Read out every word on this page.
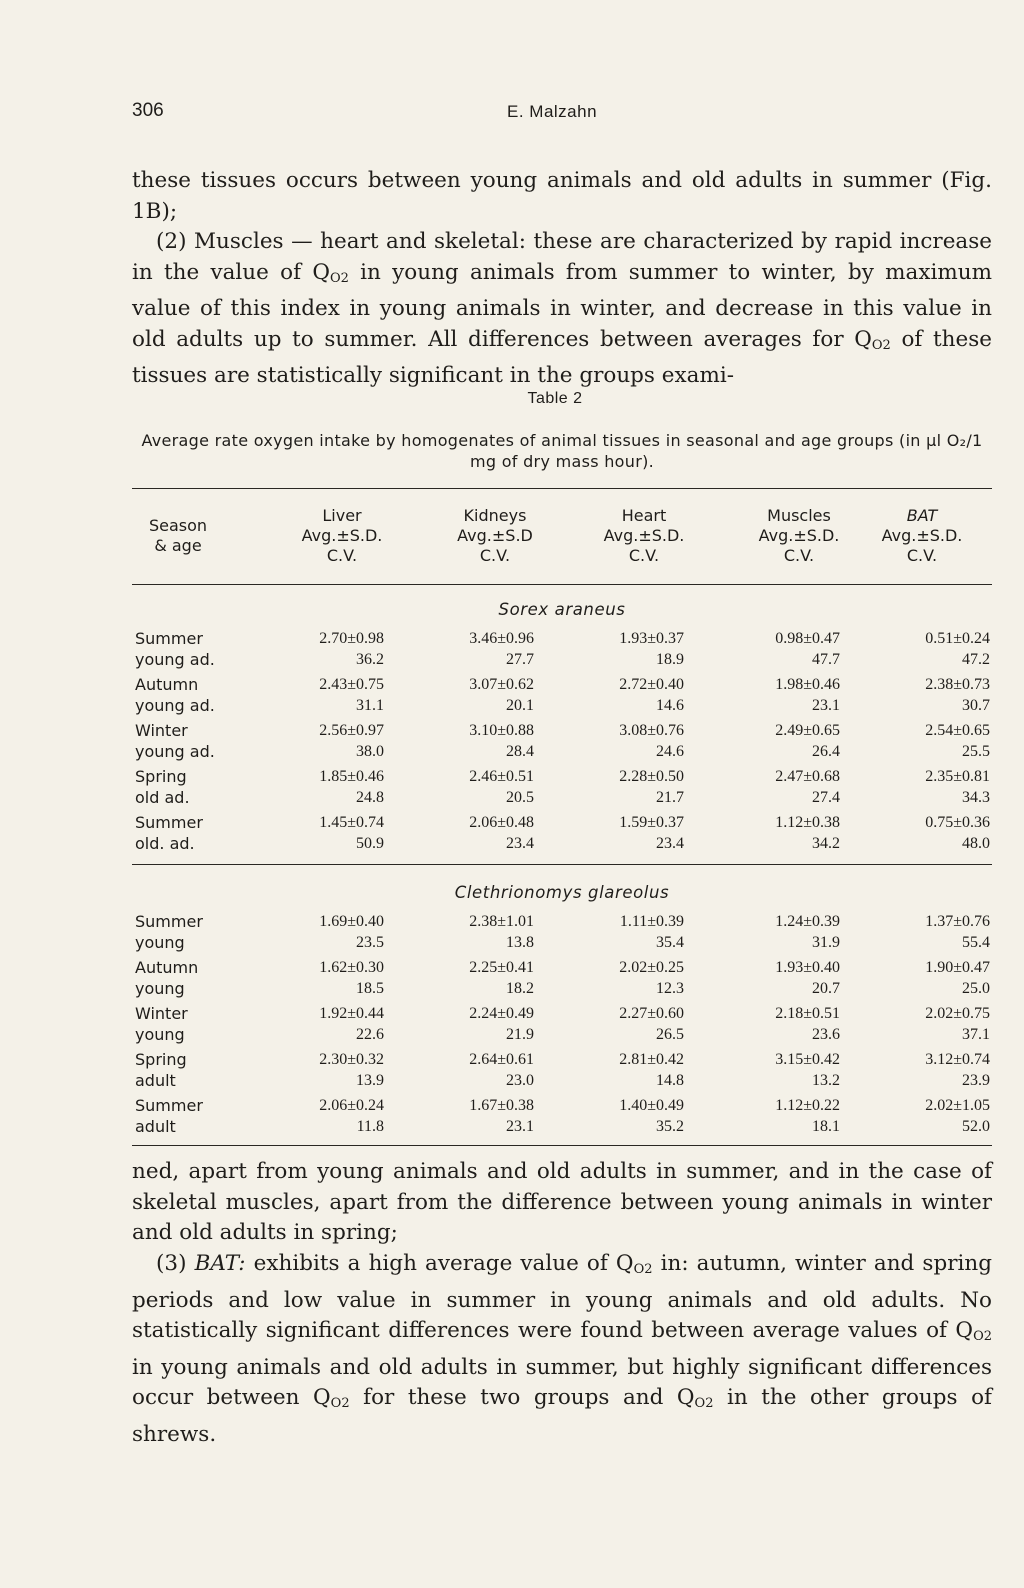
306	E. Malzahn

these tissues occurs between young animals and old adults in summer (Fig. 1B);

(2) Muscles — heart and skeletal: these are characterized by rapid increase in the value of $Q_{O2}$ in young animals from summer to winter, by maximum value of this index in young animals in winter, and decrease in this value in old adults up to summer. All differences between averages for $Q_{O2}$ of these tissues are statistically significant in the groups exami-

Table 2
Average rate oxygen intake by homogenates of animal tissues in seasonal and age groups (in µl O₂/1 mg of dry mass hour).
Season
& age
Liver
Avg.±S.D.
C.V.
Kidneys
Avg.±S.D
C.V.
Heart
Avg.±S.D.
C.V.
Muscles
Avg.±S.D.
C.V.
BAT
Avg.±S.D.
C.V.
Sorex araneus
Summer
young ad.
2.70±0.98
36.2
3.46±0.96
27.7
1.93±0.37
18.9
0.98±0.47
47.7
0.51±0.24
47.2
Autumn
young ad.
2.43±0.75
31.1
3.07±0.62
20.1
2.72±0.40
14.6
1.98±0.46
23.1
2.38±0.73
30.7
Winter
young ad.
2.56±0.97
38.0
3.10±0.88
28.4
3.08±0.76
24.6
2.49±0.65
26.4
2.54±0.65
25.5
Spring
old ad.
1.85±0.46
24.8
2.46±0.51
20.5
2.28±0.50
21.7
2.47±0.68
27.4
2.35±0.81
34.3
Summer
old. ad.
1.45±0.74
50.9
2.06±0.48
23.4
1.59±0.37
23.4
1.12±0.38
34.2
0.75±0.36
48.0
Clethrionomys glareolus
Summer
young
1.69±0.40
23.5
2.38±1.01
13.8
1.11±0.39
35.4
1.24±0.39
31.9
1.37±0.76
55.4
Autumn
young
1.62±0.30
18.5
2.25±0.41
18.2
2.02±0.25
12.3
1.93±0.40
20.7
1.90±0.47
25.0
Winter
young
1.92±0.44
22.6
2.24±0.49
21.9
2.27±0.60
26.5
2.18±0.51
23.6
2.02±0.75
37.1
Spring
adult
2.30±0.32
13.9
2.64±0.61
23.0
2.81±0.42
14.8
3.15±0.42
13.2
3.12±0.74
23.9
Summer
adult
2.06±0.24
11.8
1.67±0.38
23.1
1.40±0.49
35.2
1.12±0.22
18.1
2.02±1.05
52.0

ned, apart from young animals and old adults in summer, and in the case of skeletal muscles, apart from the difference between young animals in winter and old adults in spring;

(3) BAT: exhibits a high average value of $Q_{O2}$ in: autumn, winter and spring periods and low value in summer in young animals and old adults. No statistically significant differences were found between average values of $Q_{O2}$ in young animals and old adults in summer, but highly significant differences occur between $Q_{O2}$ for these two groups and $Q_{O2}$ in the other groups of shrews.
